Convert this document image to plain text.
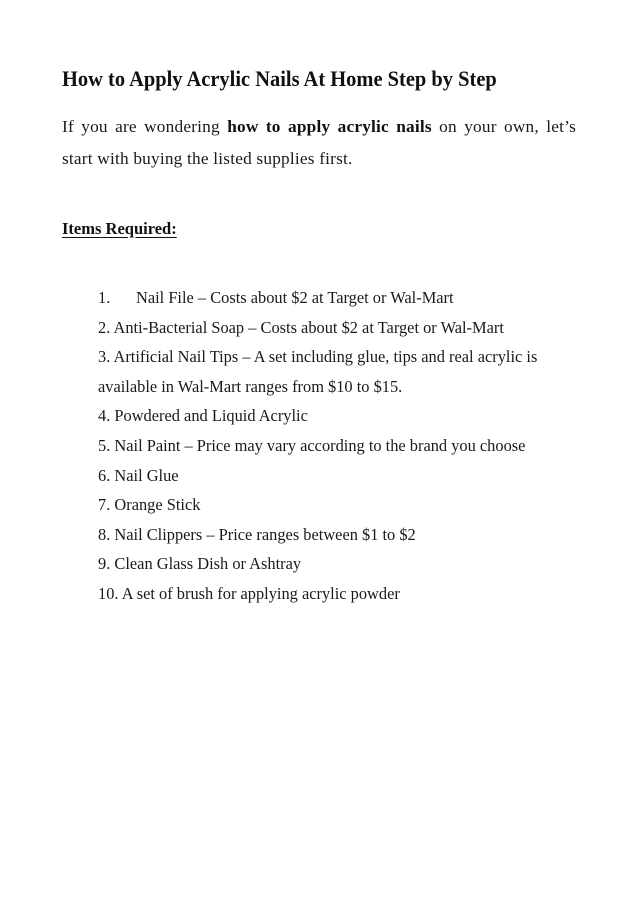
How to Apply Acrylic Nails At Home Step by Step

If you are wondering how to apply acrylic nails on your own, let’s start with buying the listed supplies first.

Items Required:
1. Nail File – Costs about $2 at Target or Wal-Mart
2. Anti-Bacterial Soap – Costs about $2 at Target or Wal-Mart
3. Artificial Nail Tips – A set including glue, tips and real acrylic is available in Wal-Mart ranges from $10 to $15.
4. Powdered and Liquid Acrylic
5. Nail Paint – Price may vary according to the brand you choose
6. Nail Glue
7. Orange Stick
8. Nail Clippers – Price ranges between $1 to $2
9. Clean Glass Dish or Ashtray
10. A set of brush for applying acrylic powder
